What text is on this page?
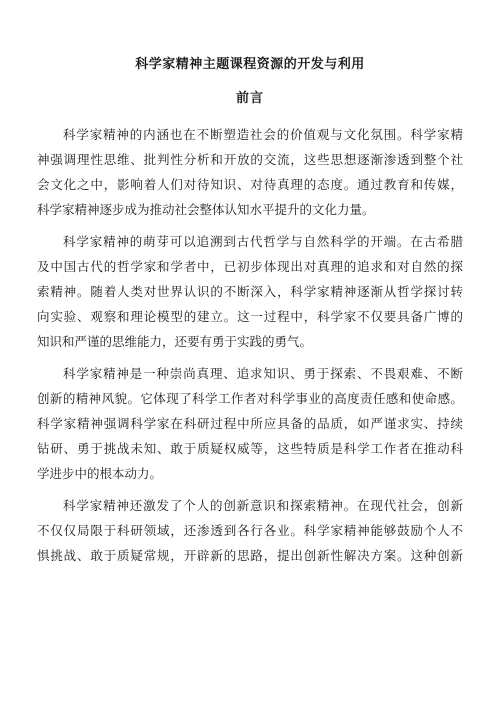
科学家精神主题课程资源的开发与利用
前言
科学家精神的内涵也在不断塑造社会的价值观与文化氛围。科学家精
神强调理性思维、批判性分析和开放的交流，这些思想逐渐渗透到整个社
会文化之中，影响着人们对待知识、对待真理的态度。通过教育和传媒，
科学家精神逐步成为推动社会整体认知水平提升的文化力量。
科学家精神的萌芽可以追溯到古代哲学与自然科学的开端。在古希腊
及中国古代的哲学家和学者中，已初步体现出对真理的追求和对自然的探
索精神。随着人类对世界认识的不断深入，科学家精神逐渐从哲学探讨转
向实验、观察和理论模型的建立。这一过程中，科学家不仅要具备广博的
知识和严谨的思维能力，还要有勇于实践的勇气。
科学家精神是一种崇尚真理、追求知识、勇于探索、不畏艰难、不断
创新的精神风貌。它体现了科学工作者对科学事业的高度责任感和使命感。
科学家精神强调科学家在科研过程中所应具备的品质，如严谨求实、持续
钻研、勇于挑战未知、敢于质疑权威等，这些特质是科学工作者在推动科
学进步中的根本动力。
科学家精神还激发了个人的创新意识和探索精神。在现代社会，创新
不仅仅局限于科研领域，还渗透到各行各业。科学家精神能够鼓励个人不
惧挑战、敢于质疑常规，开辟新的思路，提出创新性解决方案。这种创新
